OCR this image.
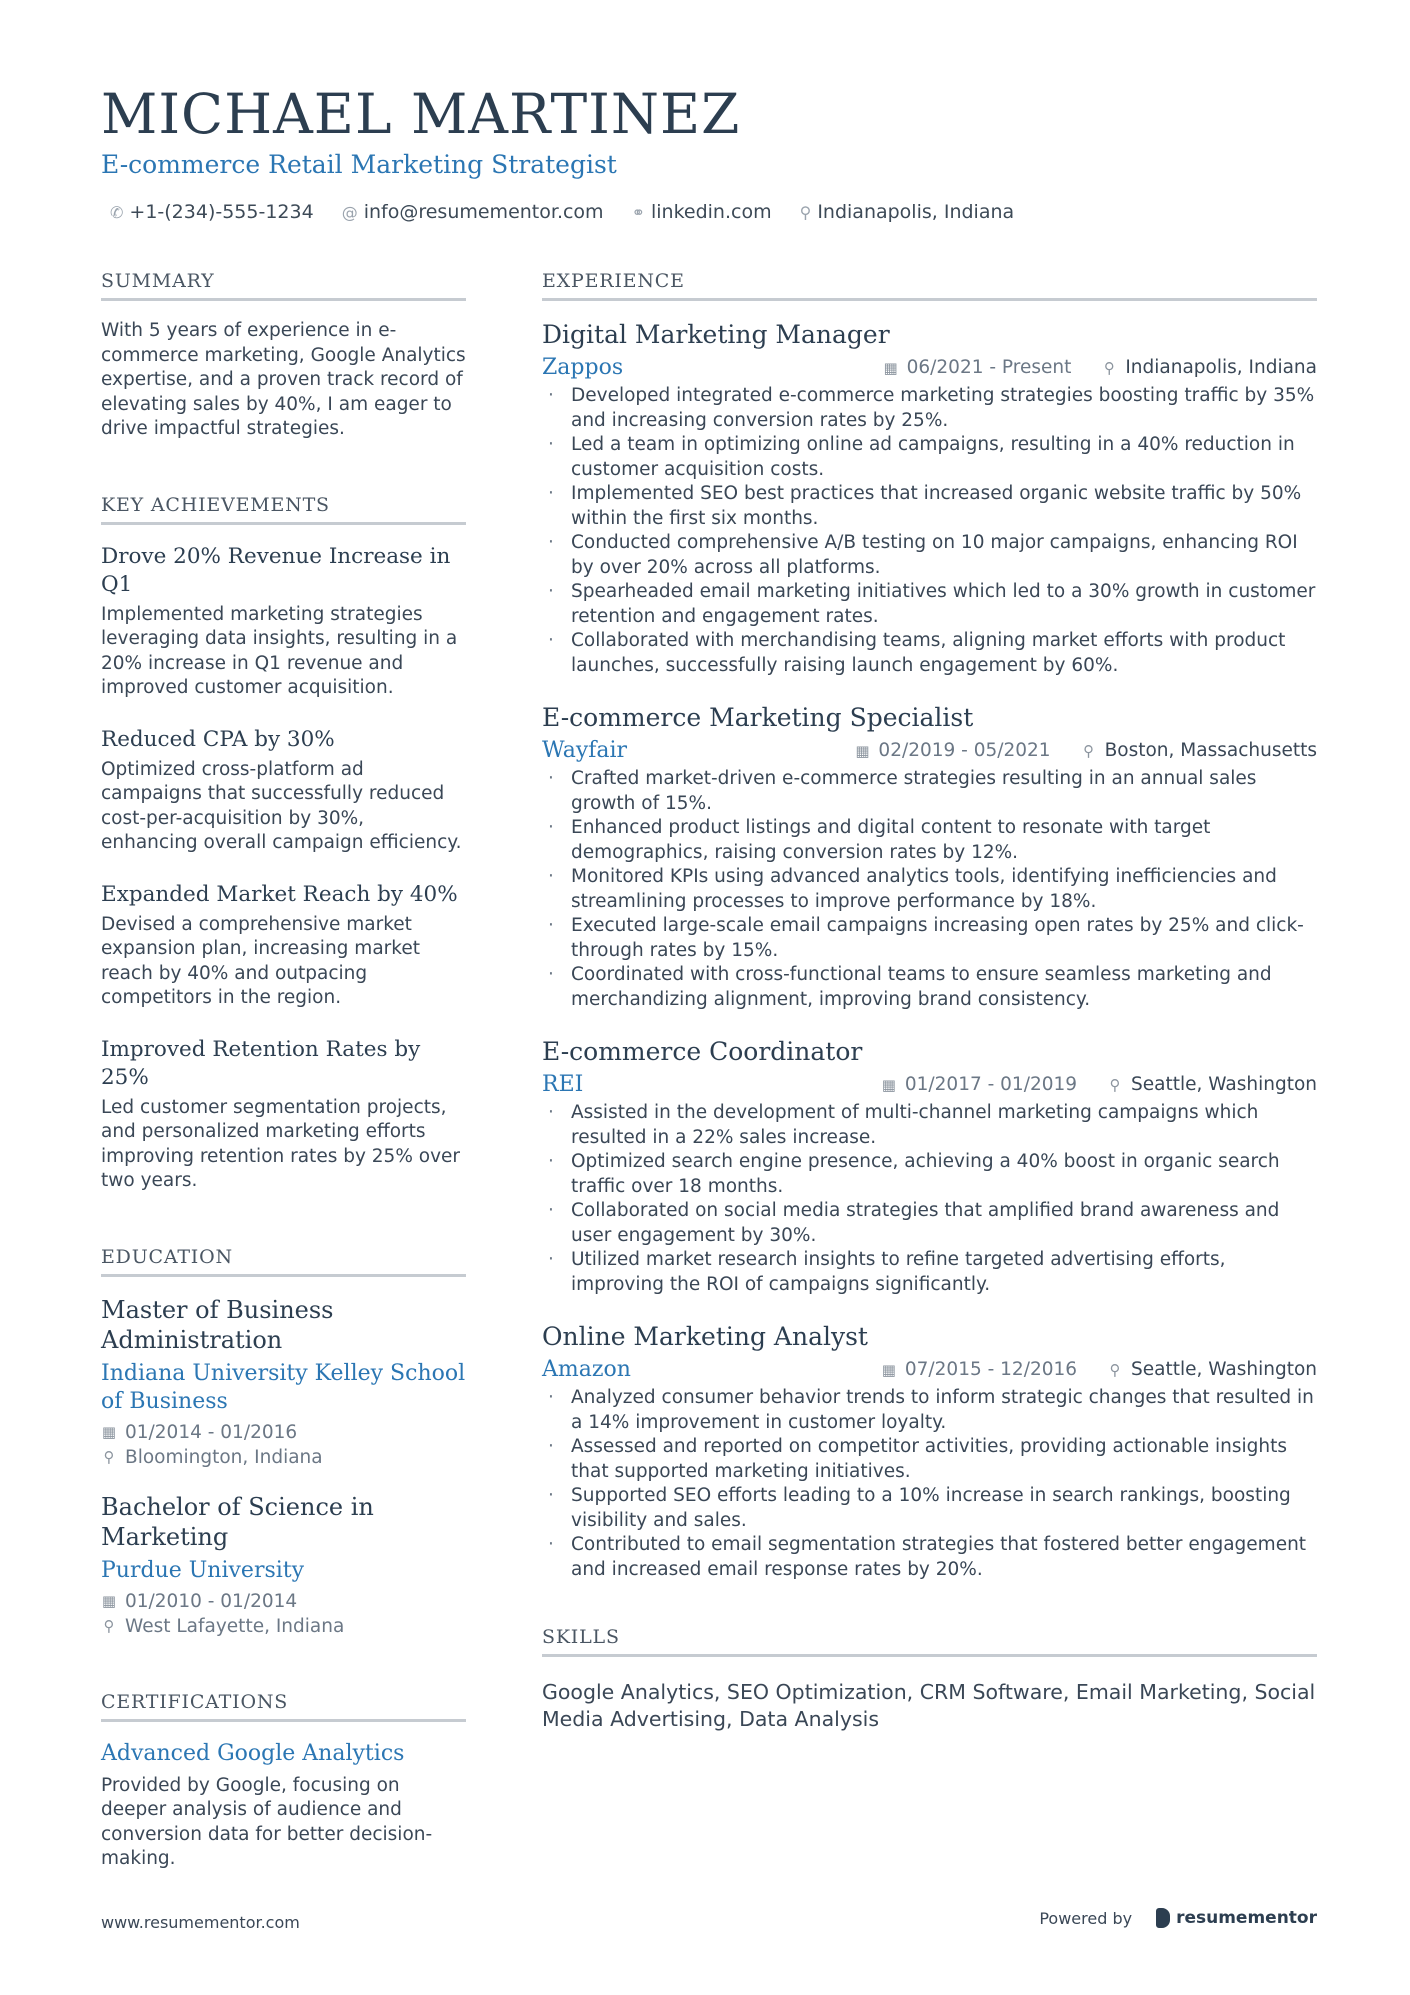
MICHAEL MARTINEZ
E-commerce Retail Marketing Strategist
✆ +1-(234)-555-1234 @ info@resumementor.com ⚭ linkedin.com ⚲ Indianapolis, Indiana
SUMMARY
With 5 years of experience in e-commerce marketing, Google Analytics expertise, and a proven track record of elevating sales by 40%, I am eager to drive impactful strategies.
KEY ACHIEVEMENTS
Drove 20% Revenue Increase in Q1
Implemented marketing strategies leveraging data insights, resulting in a 20% increase in Q1 revenue and improved customer acquisition.
Reduced CPA by 30%
Optimized cross-platform ad campaigns that successfully reduced cost-per-acquisition by 30%, enhancing overall campaign efficiency.
Expanded Market Reach by 40%
Devised a comprehensive market expansion plan, increasing market reach by 40% and outpacing competitors in the region.
Improved Retention Rates by 25%
Led customer segmentation projects, and personalized marketing efforts improving retention rates by 25% over two years.
EDUCATION
Master of Business Administration
Indiana University Kelley School of Business
▦ 01/2014 - 01/2016
⚲ Bloomington, Indiana
Bachelor of Science in Marketing
Purdue University
▦ 01/2010 - 01/2014
⚲ West Lafayette, Indiana
CERTIFICATIONS
Advanced Google Analytics
Provided by Google, focusing on deeper analysis of audience and conversion data for better decision-making.
EXPERIENCE
Digital Marketing Manager
Zappos	▦ 06/2021 - Present ⚲ Indianapolis, Indiana
· Developed integrated e-commerce marketing strategies boosting traffic by 35% and increasing conversion rates by 25%.
· Led a team in optimizing online ad campaigns, resulting in a 40% reduction in customer acquisition costs.
· Implemented SEO best practices that increased organic website traffic by 50% within the first six months.
· Conducted comprehensive A/B testing on 10 major campaigns, enhancing ROI by over 20% across all platforms.
· Spearheaded email marketing initiatives which led to a 30% growth in customer retention and engagement rates.
· Collaborated with merchandising teams, aligning market efforts with product launches, successfully raising launch engagement by 60%.
E-commerce Marketing Specialist
Wayfair	▦ 02/2019 - 05/2021 ⚲ Boston, Massachusetts
· Crafted market-driven e-commerce strategies resulting in an annual sales growth of 15%.
· Enhanced product listings and digital content to resonate with target demographics, raising conversion rates by 12%.
· Monitored KPIs using advanced analytics tools, identifying inefficiencies and streamlining processes to improve performance by 18%.
· Executed large-scale email campaigns increasing open rates by 25% and click-through rates by 15%.
· Coordinated with cross-functional teams to ensure seamless marketing and merchandizing alignment, improving brand consistency.
E-commerce Coordinator
REI	▦ 01/2017 - 01/2019 ⚲ Seattle, Washington
· Assisted in the development of multi-channel marketing campaigns which resulted in a 22% sales increase.
· Optimized search engine presence, achieving a 40% boost in organic search traffic over 18 months.
· Collaborated on social media strategies that amplified brand awareness and user engagement by 30%.
· Utilized market research insights to refine targeted advertising efforts, improving the ROI of campaigns significantly.
Online Marketing Analyst
Amazon	▦ 07/2015 - 12/2016 ⚲ Seattle, Washington
· Analyzed consumer behavior trends to inform strategic changes that resulted in a 14% improvement in customer loyalty.
· Assessed and reported on competitor activities, providing actionable insights that supported marketing initiatives.
· Supported SEO efforts leading to a 10% increase in search rankings, boosting visibility and sales.
· Contributed to email segmentation strategies that fostered better engagement and increased email response rates by 20%.
SKILLS
Google Analytics, SEO Optimization, CRM Software, Email Marketing, Social Media Advertising, Data Analysis
www.resumementor.com	Powered by	resumementor
